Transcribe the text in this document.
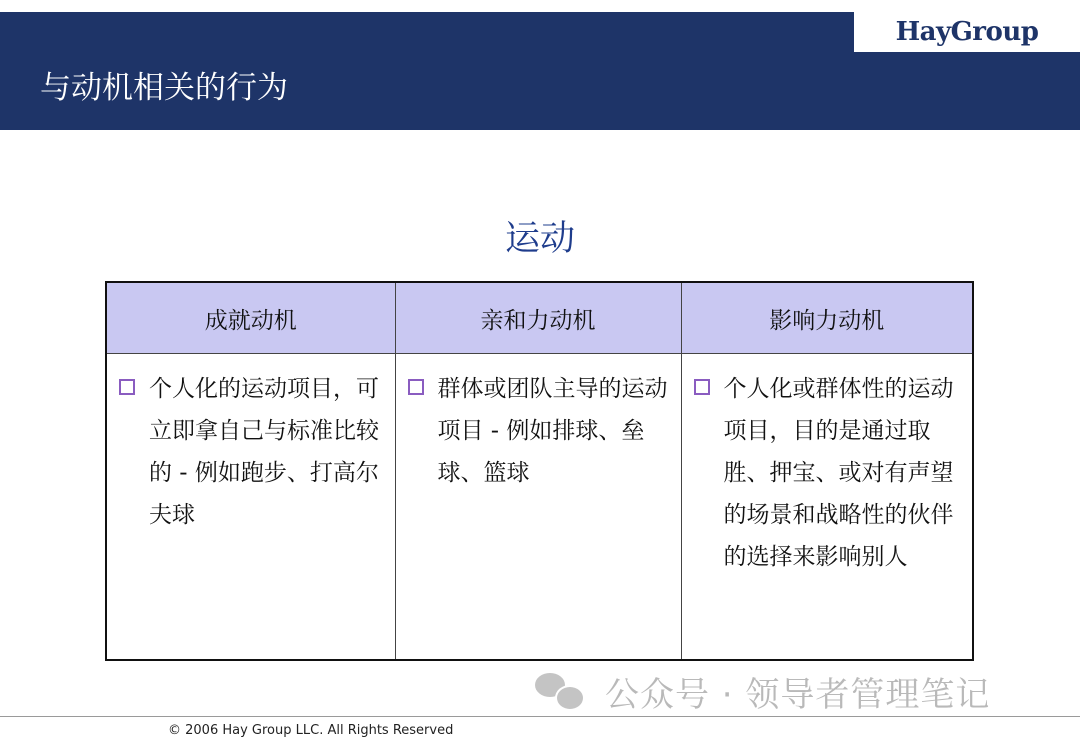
HayGroup
与动机相关的行为
运动
成就动机	亲和力动机	影响力动机

个人化的运动项目，可 立即拿自己与标准比较的 - 例如跑步、打高尔夫球	群体或团队主导的运动项目 - 例如排球、垒球、篮球	个人化或群体性的运动项目，目的是通过取胜、押宝、或对有声望的场景和战略性的伙伴的选择来影响别人
公众号 · 领导者管理笔记
© 2006 Hay Group LLC. All Rights Reserved
